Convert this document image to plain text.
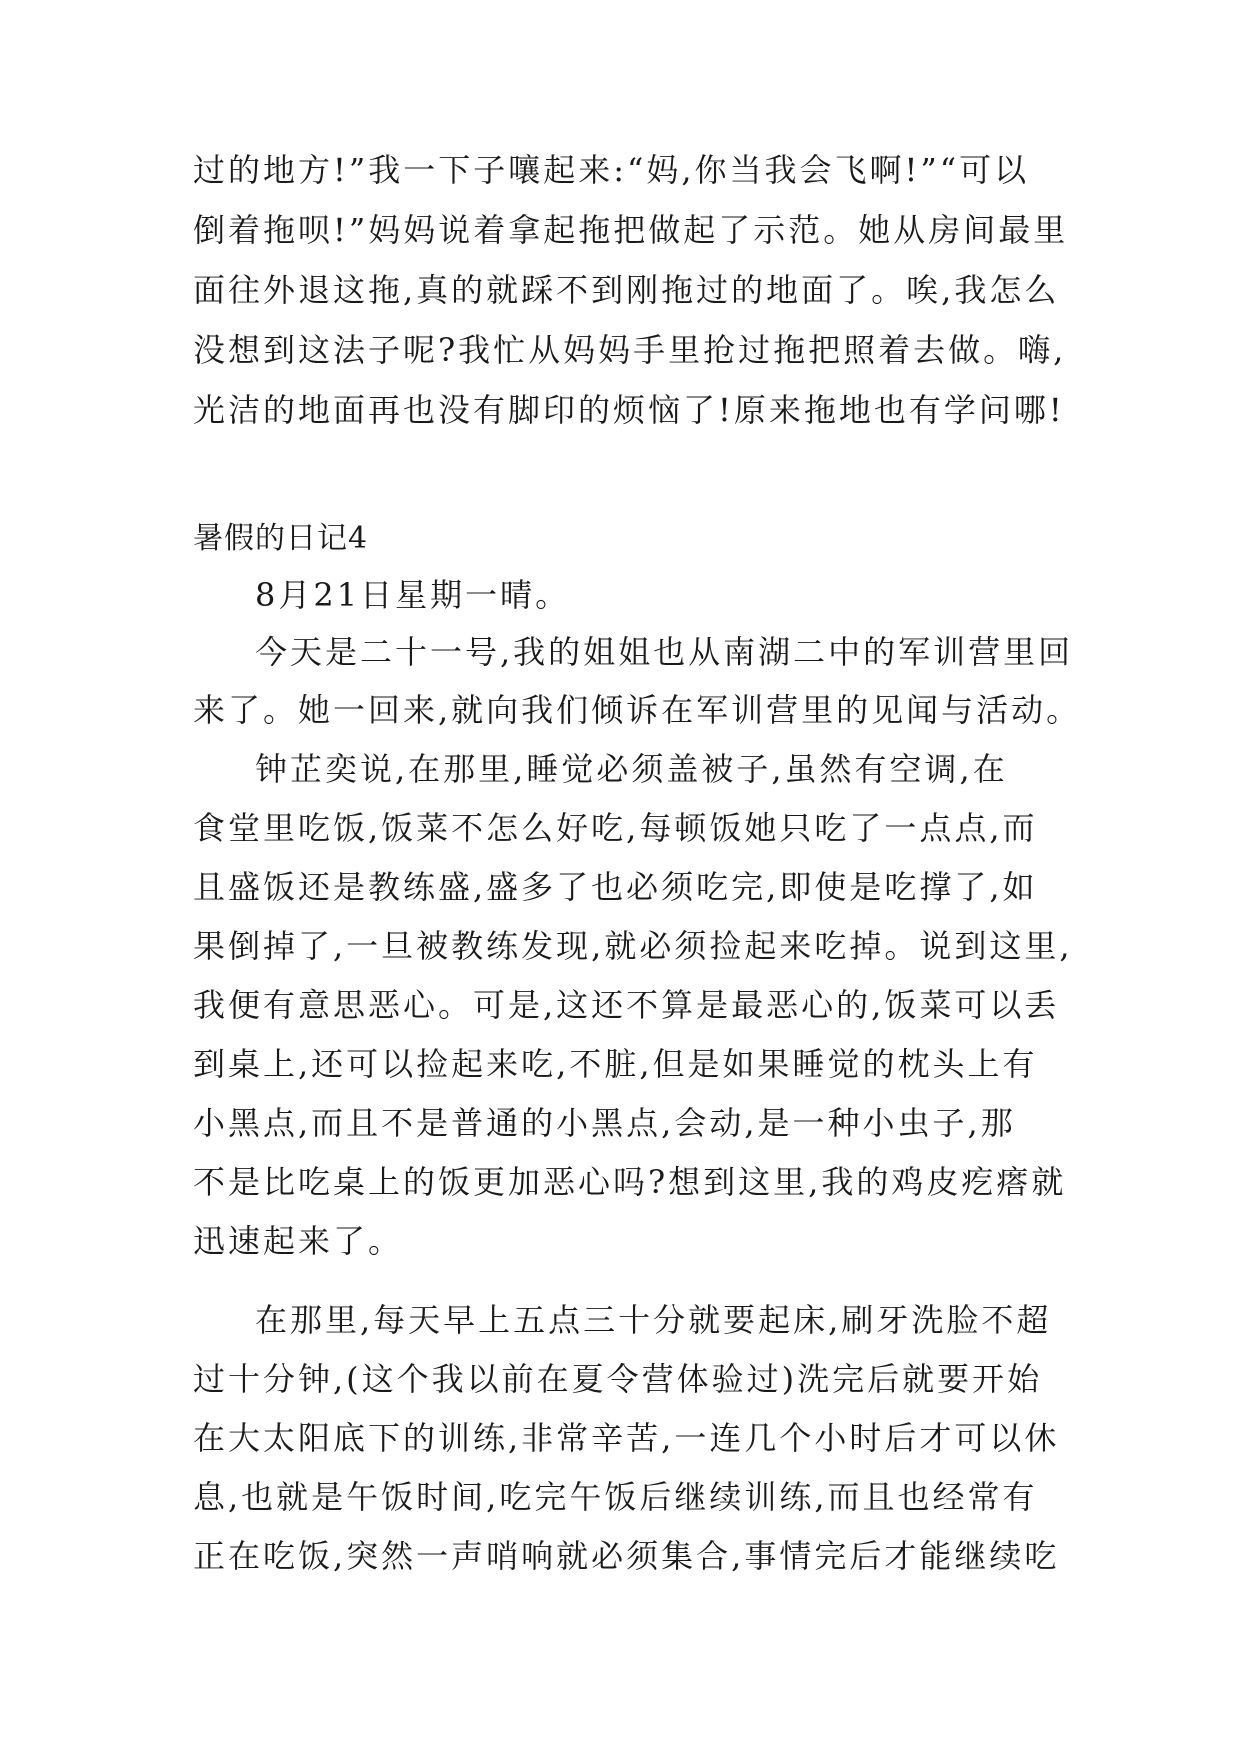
过的地方!”我一下子嚷起来:“妈,你当我会飞啊!”“可以
倒着拖呗!”妈妈说着拿起拖把做起了示范。她从房间最里
面往外退这拖,真的就踩不到刚拖过的地面了。唉,我怎么
没想到这法子呢?我忙从妈妈手里抢过拖把照着去做。嗨,
光洁的地面再也没有脚印的烦恼了!原来拖地也有学问哪!
暑假的日记4
8月21日星期一晴。
今天是二十一号,我的姐姐也从南湖二中的军训营里回
来了。她一回来,就向我们倾诉在军训营里的见闻与活动。
钟芷奕说,在那里,睡觉必须盖被子,虽然有空调,在
食堂里吃饭,饭菜不怎么好吃,每顿饭她只吃了一点点,而
且盛饭还是教练盛,盛多了也必须吃完,即使是吃撑了,如
果倒掉了,一旦被教练发现,就必须捡起来吃掉。说到这里,
我便有意思恶心。可是,这还不算是最恶心的,饭菜可以丢
到桌上,还可以捡起来吃,不脏,但是如果睡觉的枕头上有
小黑点,而且不是普通的小黑点,会动,是一种小虫子,那
不是比吃桌上的饭更加恶心吗?想到这里,我的鸡皮疙瘩就
迅速起来了。
在那里,每天早上五点三十分就要起床,刷牙洗脸不超
过十分钟,(这个我以前在夏令营体验过)洗完后就要开始
在大太阳底下的训练,非常辛苦,一连几个小时后才可以休
息,也就是午饭时间,吃完午饭后继续训练,而且也经常有
正在吃饭,突然一声哨响就必须集合,事情完后才能继续吃
